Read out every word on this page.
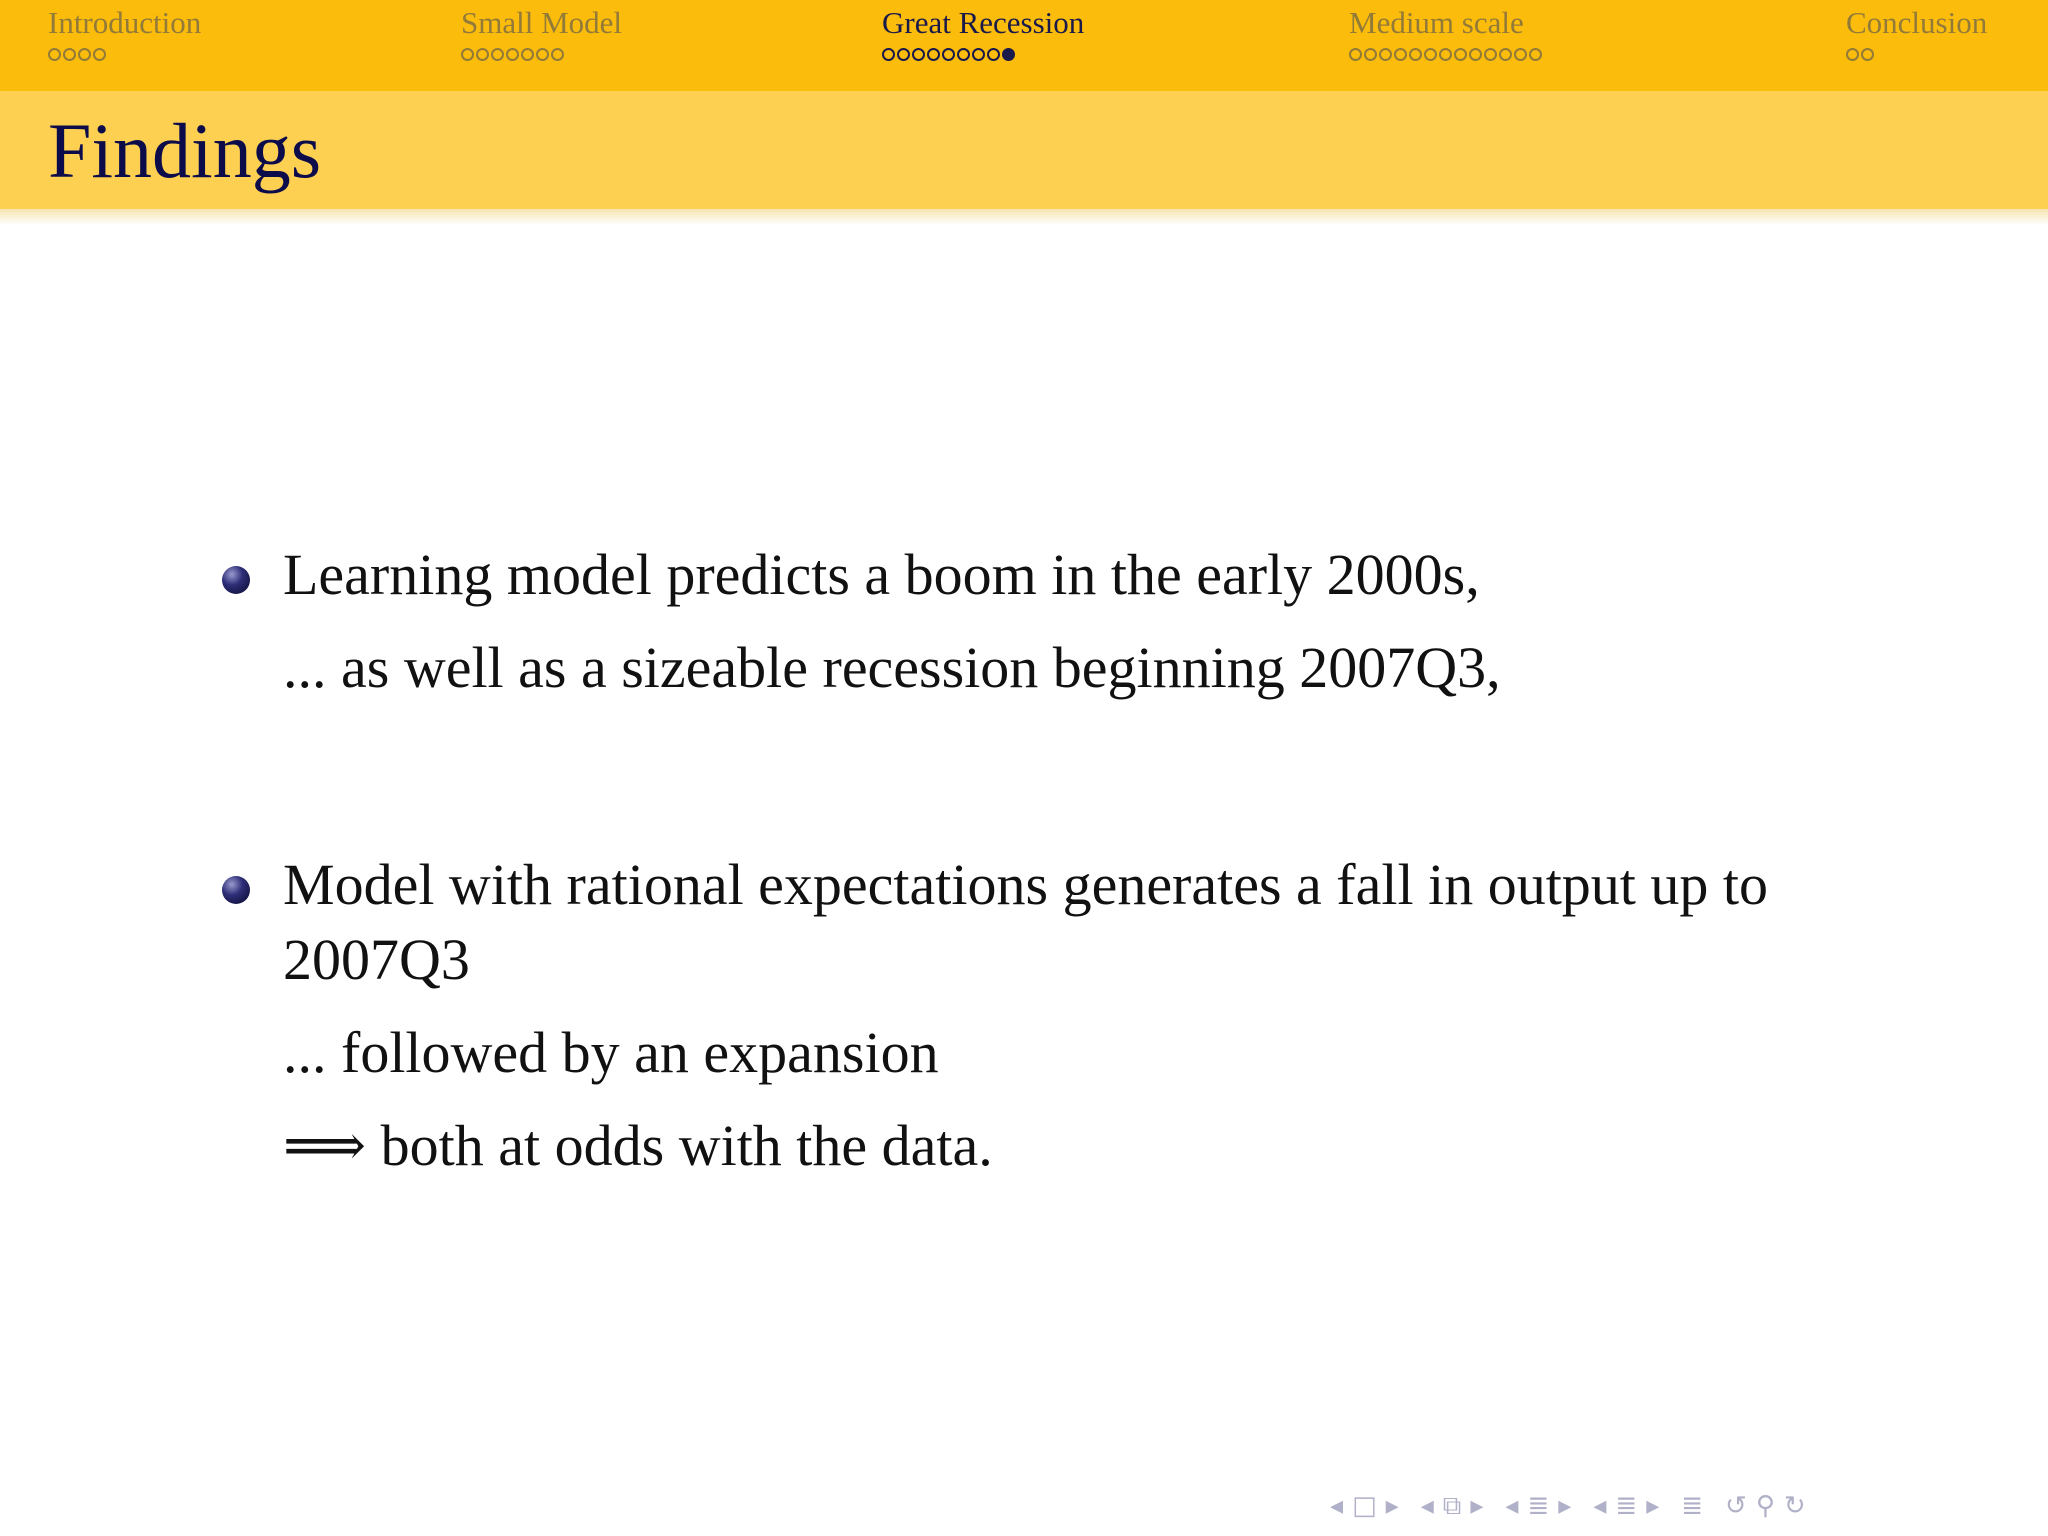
Introduction	Small Model	Great Recession	Medium scale	Conclusion
Findings
Learning model predicts a boom in the early 2000s,
... as well as a sizeable recession beginning 2007Q3,
Model with rational expectations generates a fall in output up to
2007Q3
... followed by an expansion
⟹ both at odds with the data.
◂ □ ▸ ◂ ⧉ ▸ ◂ ≣ ▸ ◂ ≣ ▸ ≣ ↺ ⚲ ↻
